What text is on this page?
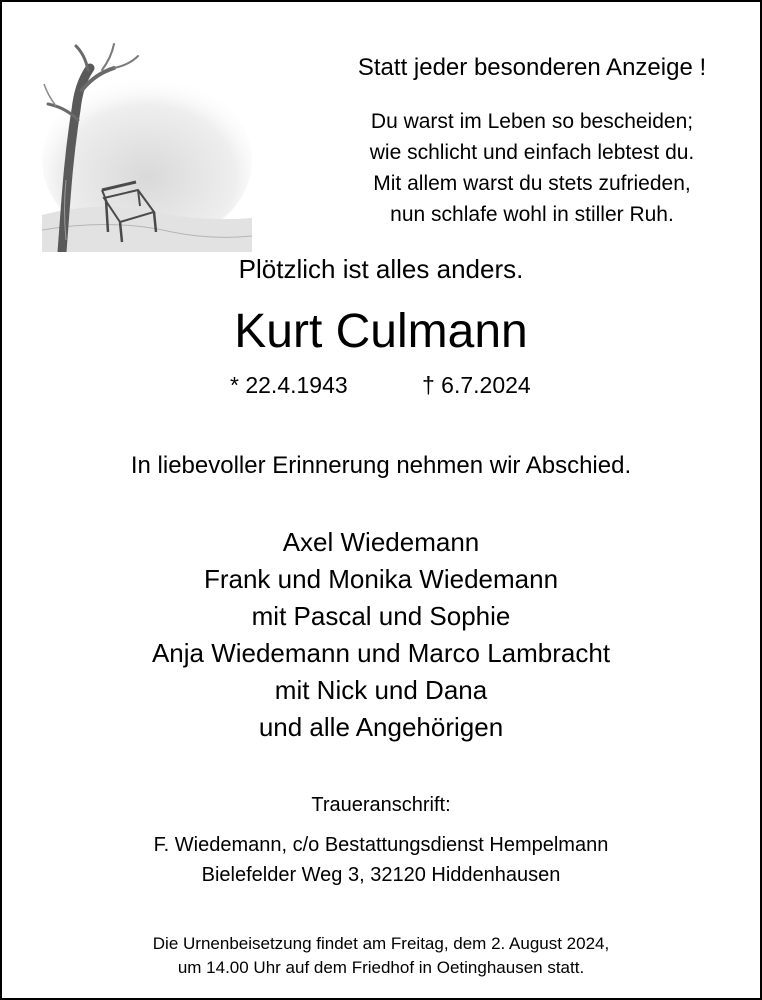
Statt jeder besonderen Anzeige !
Du warst im Leben so bescheiden;
wie schlicht und einfach lebtest du.
Mit allem warst du stets zufrieden,
nun schlafe wohl in stiller Ruh.
Plötzlich ist alles anders.
Kurt Culmann
* 22.4.1943	† 6.7.2024
In liebevoller Erinnerung nehmen wir Abschied.
Axel Wiedemann
Frank und Monika Wiedemann
mit Pascal und Sophie
Anja Wiedemann und Marco Lambracht
mit Nick und Dana
und alle Angehörigen
Traueranschrift:
F. Wiedemann, c/o Bestattungsdienst Hempelmann
Bielefelder Weg 3, 32120 Hiddenhausen
Die Urnenbeisetzung findet am Freitag, dem 2. August 2024,
um 14.00 Uhr auf dem Friedhof in Oetinghausen statt.
